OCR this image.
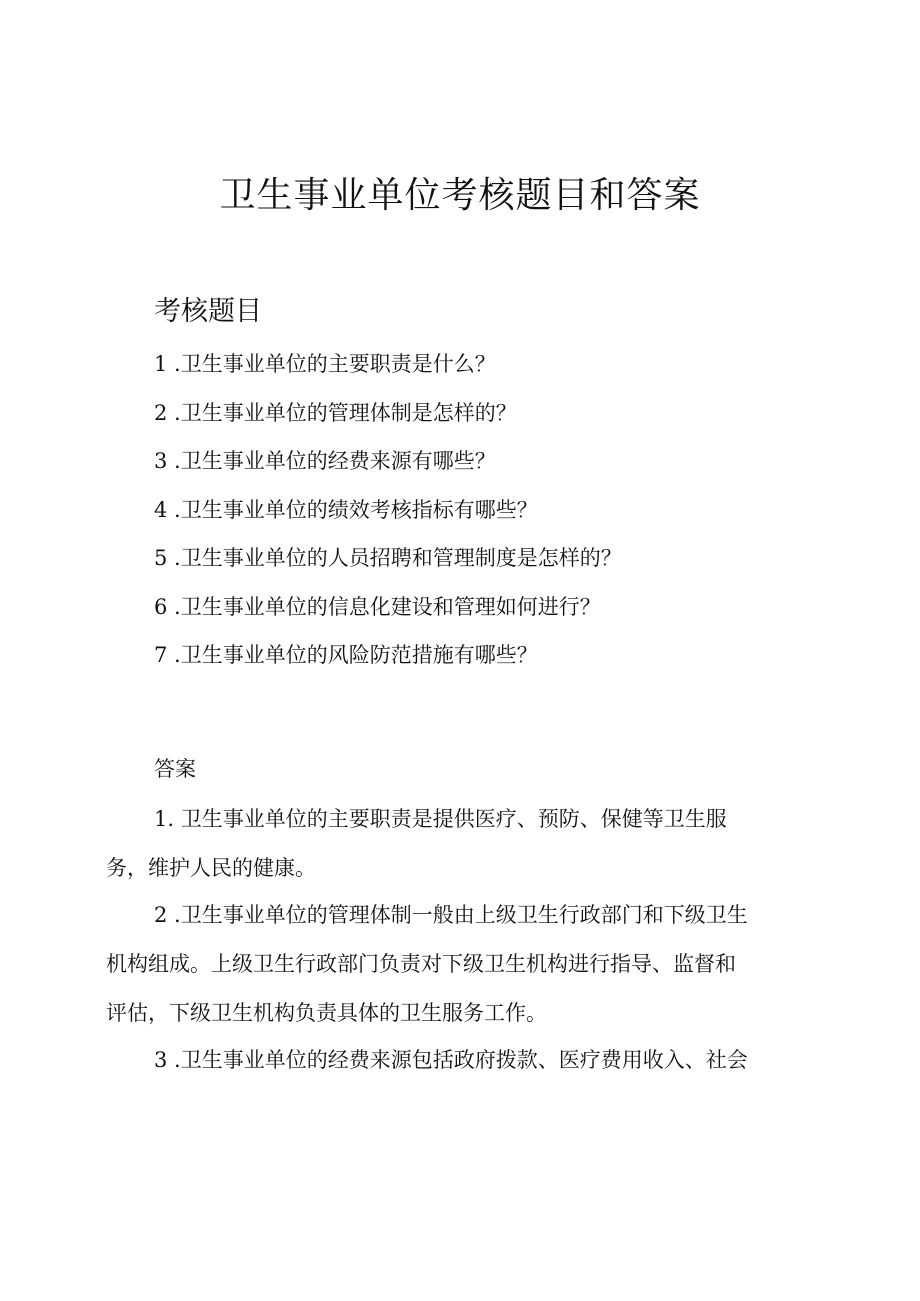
卫生事业单位考核题目和答案
考核题目
1 .卫生事业单位的主要职责是什么？
2 .卫生事业单位的管理体制是怎样的？
3 .卫生事业单位的经费来源有哪些？
4 .卫生事业单位的绩效考核指标有哪些？
5 .卫生事业单位的人员招聘和管理制度是怎样的？
6 .卫生事业单位的信息化建设和管理如何进行？
7 .卫生事业单位的风险防范措施有哪些？

答案

1. 卫生事业单位的主要职责是提供医疗、预防、保健等卫生服
务，维护人民的健康。

2 .卫生事业单位的管理体制一般由上级卫生行政部门和下级卫生
机构组成。上级卫生行政部门负责对下级卫生机构进行指导、监督和
评估，下级卫生机构负责具体的卫生服务工作。

3 .卫生事业单位的经费来源包括政府拨款、医疗费用收入、社会
